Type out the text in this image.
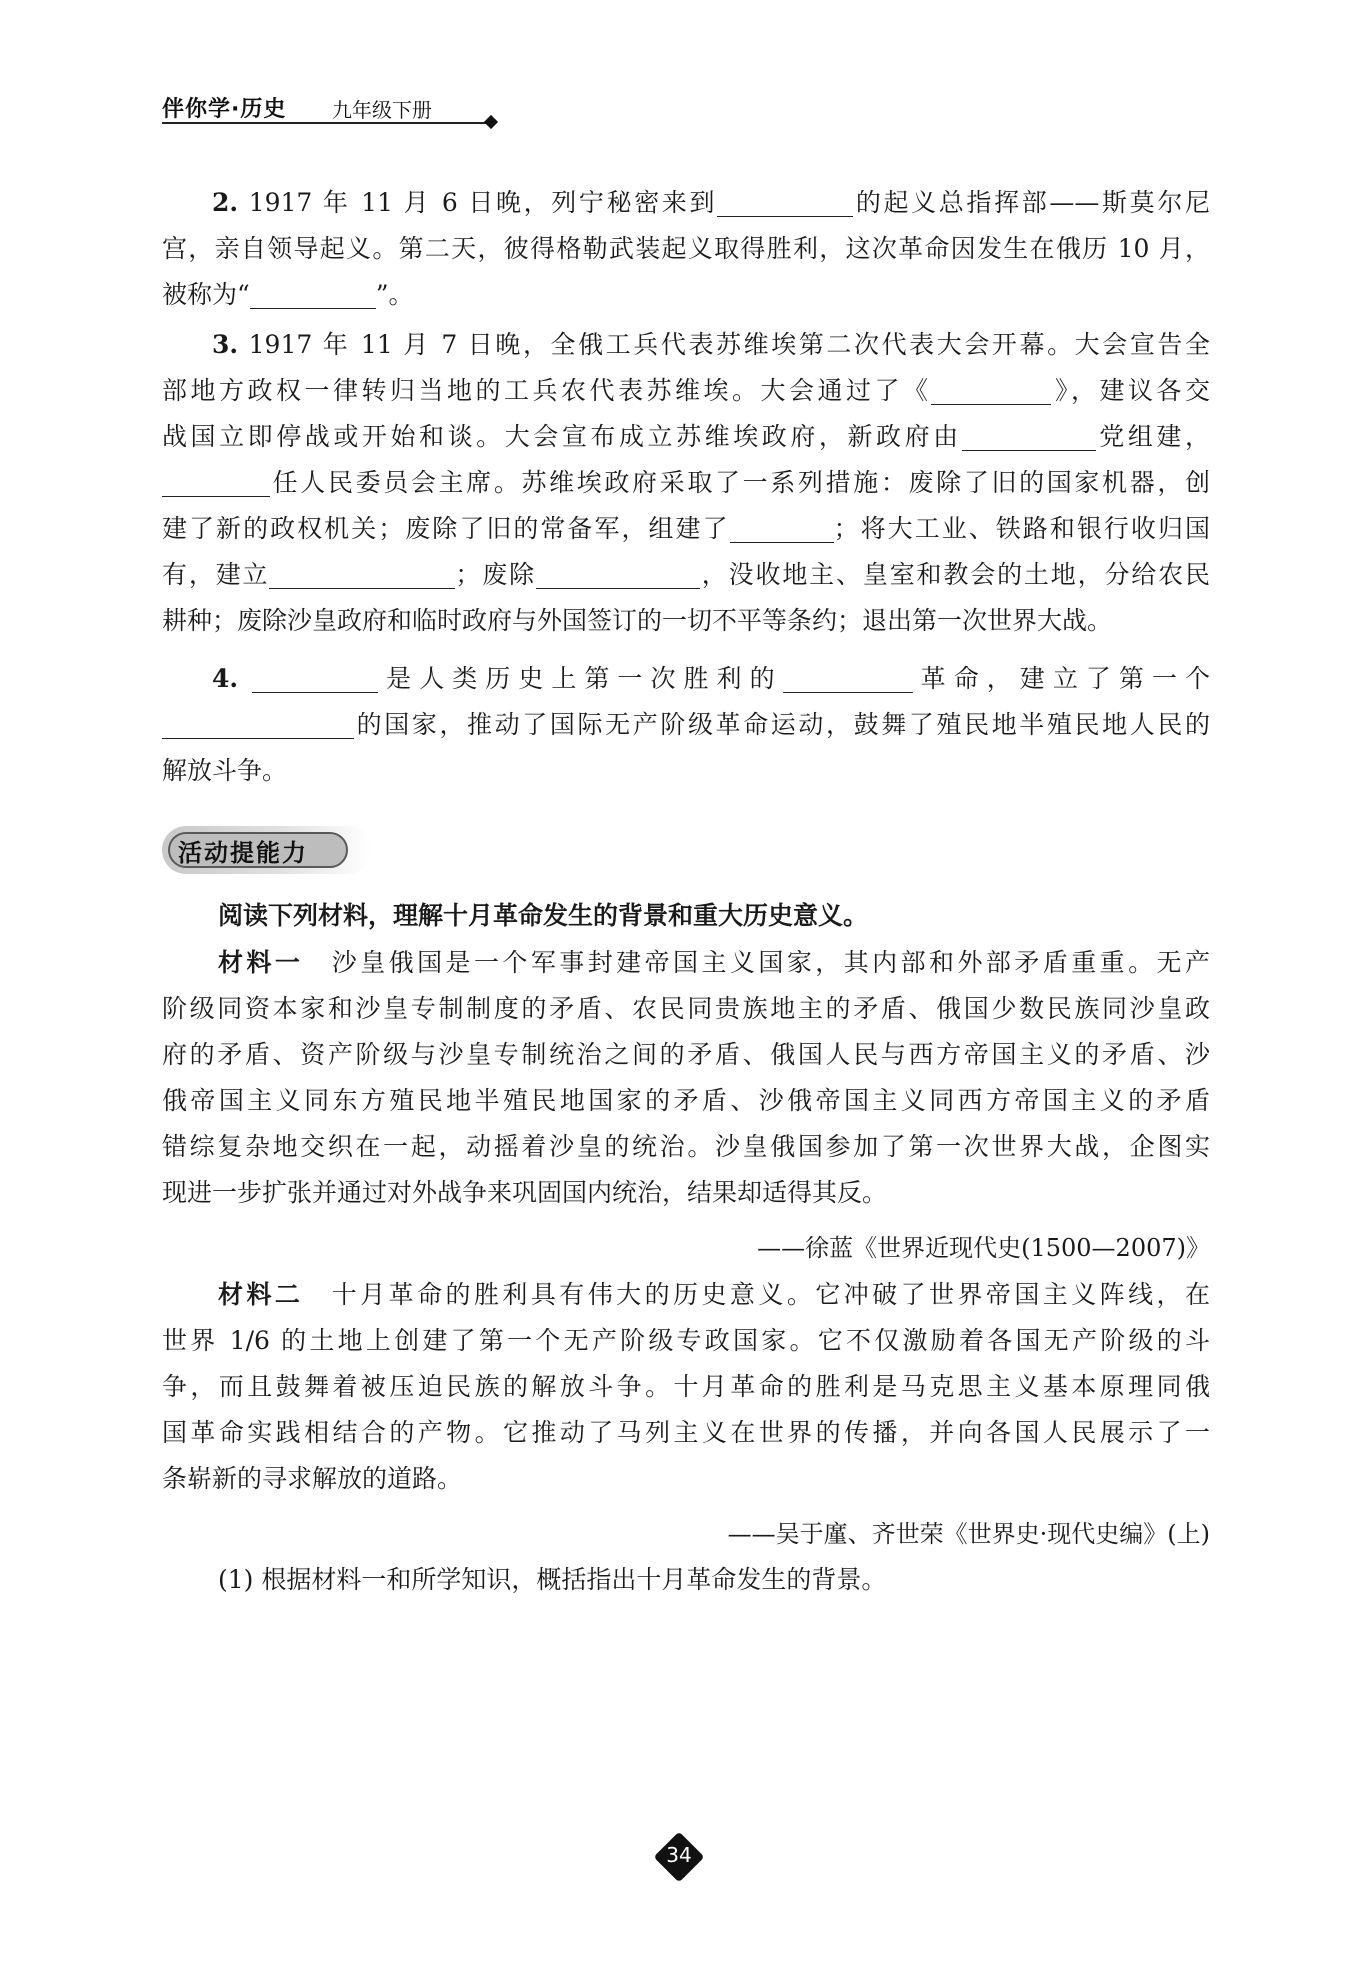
伴你学·历史 九年级下册
2. 1917 年 11 月 6 日晚，列宁秘密来到	的起义总指挥部——斯莫尔尼
宫，亲自领导起义。第二天，彼得格勒武装起义取得胜利，这次革命因发生在俄历 10 月，
被称为“	”。
3. 1917 年 11 月 7 日晚，全俄工兵代表苏维埃第二次代表大会开幕。大会宣告全
部地方政权一律转归当地的工兵农代表苏维埃。大会通过了《	》，建议各交
战国立即停战或开始和谈。大会宣布成立苏维埃政府，新政府由	党组建，
任人民委员会主席。苏维埃政府采取了一系列措施：废除了旧的国家机器，创
建了新的政权机关；废除了旧的常备军，组建了	；将大工业、铁路和银行收归国
有，建立	；废除	，没收地主、皇室和教会的土地，分给农民
耕种；废除沙皇政府和临时政府与外国签订的一切不平等条约；退出第一次世界大战。
4.	是人类历史上第一次胜利的	革命，建立了第一个
的国家，推动了国际无产阶级革命运动，鼓舞了殖民地半殖民地人民的
解放斗争。
活动提能力
阅读下列材料，理解十月革命发生的背景和重大历史意义。
材料一　沙皇俄国是一个军事封建帝国主义国家，其内部和外部矛盾重重。无产
阶级同资本家和沙皇专制制度的矛盾、农民同贵族地主的矛盾、俄国少数民族同沙皇政
府的矛盾、资产阶级与沙皇专制统治之间的矛盾、俄国人民与西方帝国主义的矛盾、沙
俄帝国主义同东方殖民地半殖民地国家的矛盾、沙俄帝国主义同西方帝国主义的矛盾
错综复杂地交织在一起，动摇着沙皇的统治。沙皇俄国参加了第一次世界大战，企图实
现进一步扩张并通过对外战争来巩固国内统治，结果却适得其反。
——徐蓝《世界近现代史(1500—2007)》
材料二　十月革命的胜利具有伟大的历史意义。它冲破了世界帝国主义阵线，在
世界 1/6 的土地上创建了第一个无产阶级专政国家。它不仅激励着各国无产阶级的斗
争，而且鼓舞着被压迫民族的解放斗争。十月革命的胜利是马克思主义基本原理同俄
国革命实践相结合的产物。它推动了马列主义在世界的传播，并向各国人民展示了一
条崭新的寻求解放的道路。
——吴于廑、齐世荣《世界史·现代史编》(上)
(1) 根据材料一和所学知识，概括指出十月革命发生的背景。
34
